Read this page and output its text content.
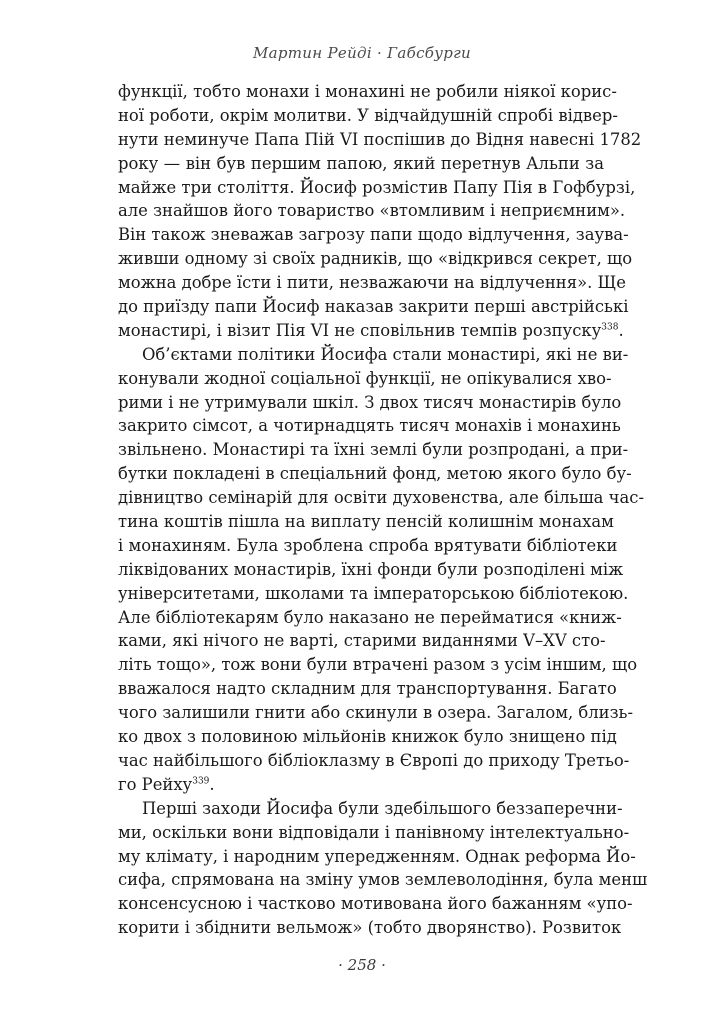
Мартин Рейді · Габсбурги
функції, тобто монахи і монахині не робили ніякої корис-
ної роботи, окрім молитви. У відчайдушній спробі відвер-
нути неминуче Папа Пій VI поспішив до Відня навесні 1782
року — він був першим папою, який перетнув Альпи за
майже три століття. Йосиф розмістив Папу Пія в Гофбурзі,
але знайшов його товариство «втомливим і неприємним».
Він також зневажав загрозу папи щодо відлучення, заува-
живши одному зі своїх радників, що «відкрився секрет, що
можна добре їсти і пити, незважаючи на відлучення». Ще
до приїзду папи Йосиф наказав закрити перші австрійські
монастирі, і візит Пія VI не сповільнив темпів розпуску$^{338}$.
Об’єктами політики Йосифа стали монастирі, які не ви-
конували жодної соціальної функції, не опікувалися хво-
рими і не утримували шкіл. З двох тисяч монастирів було
закрито сімсот, а чотирнадцять тисяч монахів і монахинь
звільнено. Монастирі та їхні землі були розпродані, а при-
бутки покладені в спеціальний фонд, метою якого було бу-
дівництво семінарій для освіти духовенства, але більша час-
тина коштів пішла на виплату пенсій колишнім монахам
і монахиням. Була зроблена спроба врятувати бібліотеки
ліквідованих монастирів, їхні фонди були розподілені між
університетами, школами та імператорською бібліотекою.
Але бібліотекарям було наказано не перейматися «книж-
ками, які нічого не варті, старими виданнями V–XV сто-
літь тощо», тож вони були втрачені разом з усім іншим, що
вважалося надто складним для транспортування. Багато
чого залишили гнити або скинули в озера. Загалом, близь-
ко двох з половиною мільйонів книжок було знищено під
час найбільшого бібліоклазму в Європі до приходу Третьо-
го Рейху$^{339}$.
Перші заходи Йосифа були здебільшого беззаперечни-
ми, оскільки вони відповідали і панівному інтелектуально-
му клімату, і народним упередженням. Однак реформа Йо-
сифа, спрямована на зміну умов землеволодіння, була менш
консенсусною і частково мотивована його бажанням «упо-
корити і збіднити вельмож» (тобто дворянство). Розвиток
· 258 ·
